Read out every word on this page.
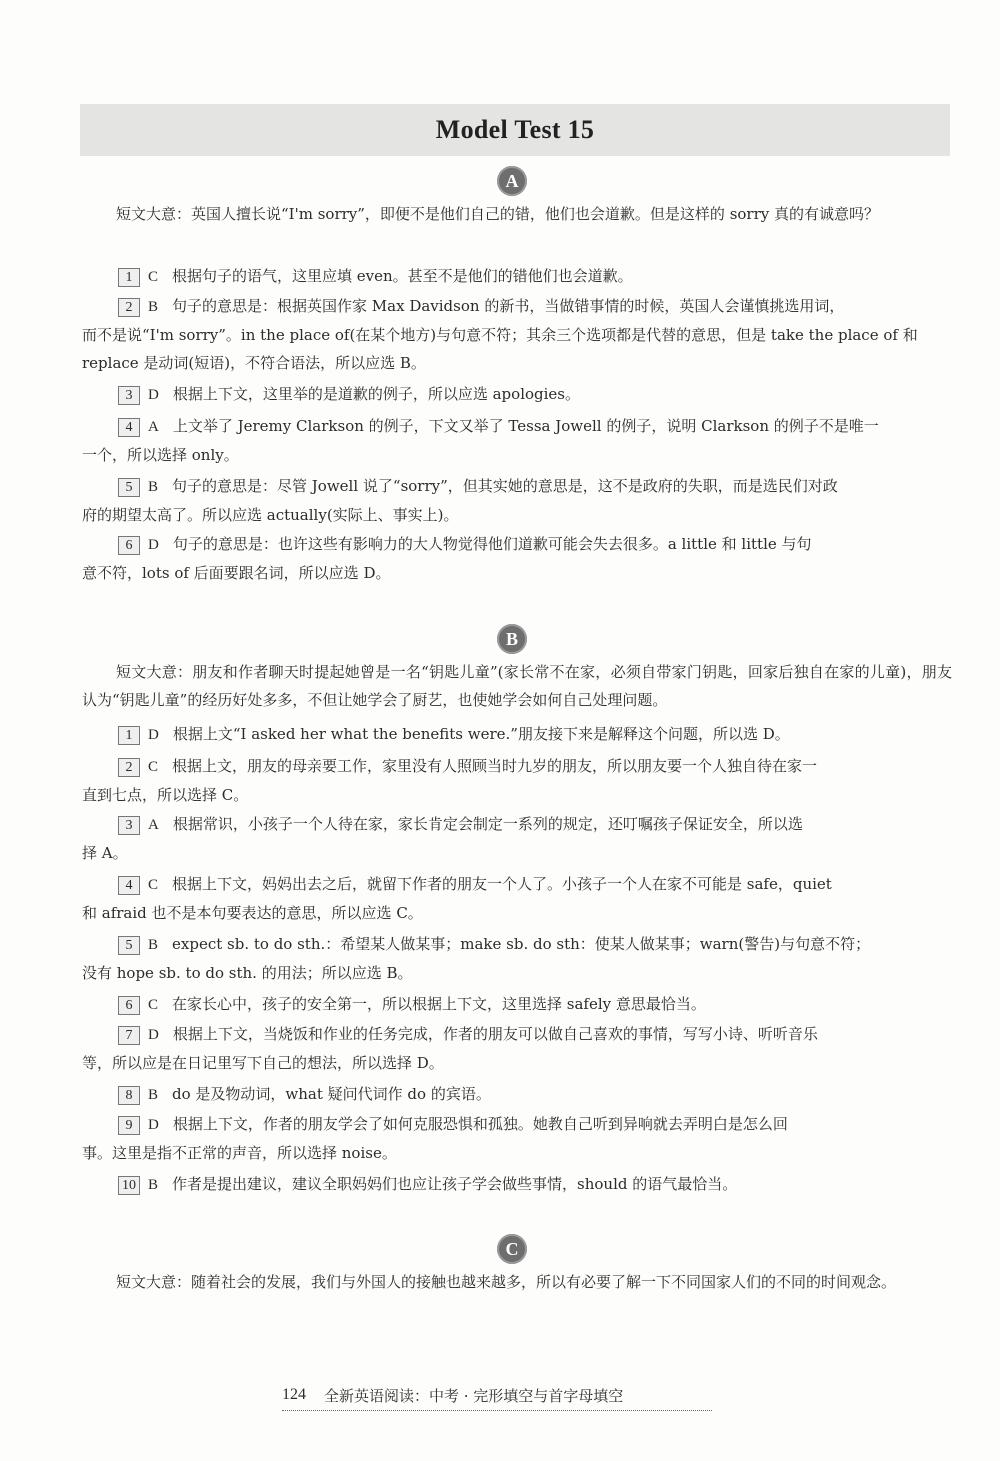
Model Test 15
A
短文大意：英国人擅长说“I'm sorry”，即便不是他们自己的错，他们也会道歉。但是这样的 sorry 真的有诚意吗？
1 C 根据句子的语气，这里应填 even。甚至不是他们的错他们也会道歉。
2 B 句子的意思是：根据英国作家 Max Davidson 的新书，当做错事情的时候，英国人会谨慎挑选用词，
而不是说“I'm sorry”。in the place of(在某个地方)与句意不符；其余三个选项都是代替的意思，但是 take the place of 和 replace 是动词(短语)，不符合语法，所以应选 B。
3 D 根据上下文，这里举的是道歉的例子，所以应选 apologies。
4 A 上文举了 Jeremy Clarkson 的例子，下文又举了 Tessa Jowell 的例子，说明 Clarkson 的例子不是唯一
一个，所以选择 only。
5 B 句子的意思是：尽管 Jowell 说了“sorry”，但其实她的意思是，这不是政府的失职，而是选民们对政
府的期望太高了。所以应选 actually(实际上、事实上)。
6 D 句子的意思是：也许这些有影响力的大人物觉得他们道歉可能会失去很多。a little 和 little 与句
意不符，lots of 后面要跟名词，所以应选 D。
B
短文大意：朋友和作者聊天时提起她曾是一名“钥匙儿童”(家长常不在家，必须自带家门钥匙，回家后独自在家的儿童)，朋友认为“钥匙儿童”的经历好处多多，不但让她学会了厨艺，也使她学会如何自己处理问题。
1 D 根据上文“I asked her what the benefits were.”朋友接下来是解释这个问题，所以选 D。
2 C 根据上文，朋友的母亲要工作，家里没有人照顾当时九岁的朋友，所以朋友要一个人独自待在家一
直到七点，所以选择 C。
3 A 根据常识，小孩子一个人待在家，家长肯定会制定一系列的规定，还叮嘱孩子保证安全，所以选
择 A。
4 C 根据上下文，妈妈出去之后，就留下作者的朋友一个人了。小孩子一个人在家不可能是 safe，quiet
和 afraid 也不是本句要表达的意思，所以应选 C。
5 B expect sb. to do sth.：希望某人做某事；make sb. do sth：使某人做某事；warn(警告)与句意不符；
没有 hope sb. to do sth. 的用法；所以应选 B。
6 C 在家长心中，孩子的安全第一，所以根据上下文，这里选择 safely 意思最恰当。
7 D 根据上下文，当烧饭和作业的任务完成，作者的朋友可以做自己喜欢的事情，写写小诗、听听音乐
等，所以应是在日记里写下自己的想法，所以选择 D。
8 B do 是及物动词，what 疑问代词作 do 的宾语。
9 D 根据上下文，作者的朋友学会了如何克服恐惧和孤独。她教自己听到异响就去弄明白是怎么回
事。这里是指不正常的声音，所以选择 noise。
10 B 作者是提出建议，建议全职妈妈们也应让孩子学会做些事情，should 的语气最恰当。
C
短文大意：随着社会的发展，我们与外国人的接触也越来越多，所以有必要了解一下不同国家人们的不同的时间观念。
124 全新英语阅读：中考 · 完形填空与首字母填空
